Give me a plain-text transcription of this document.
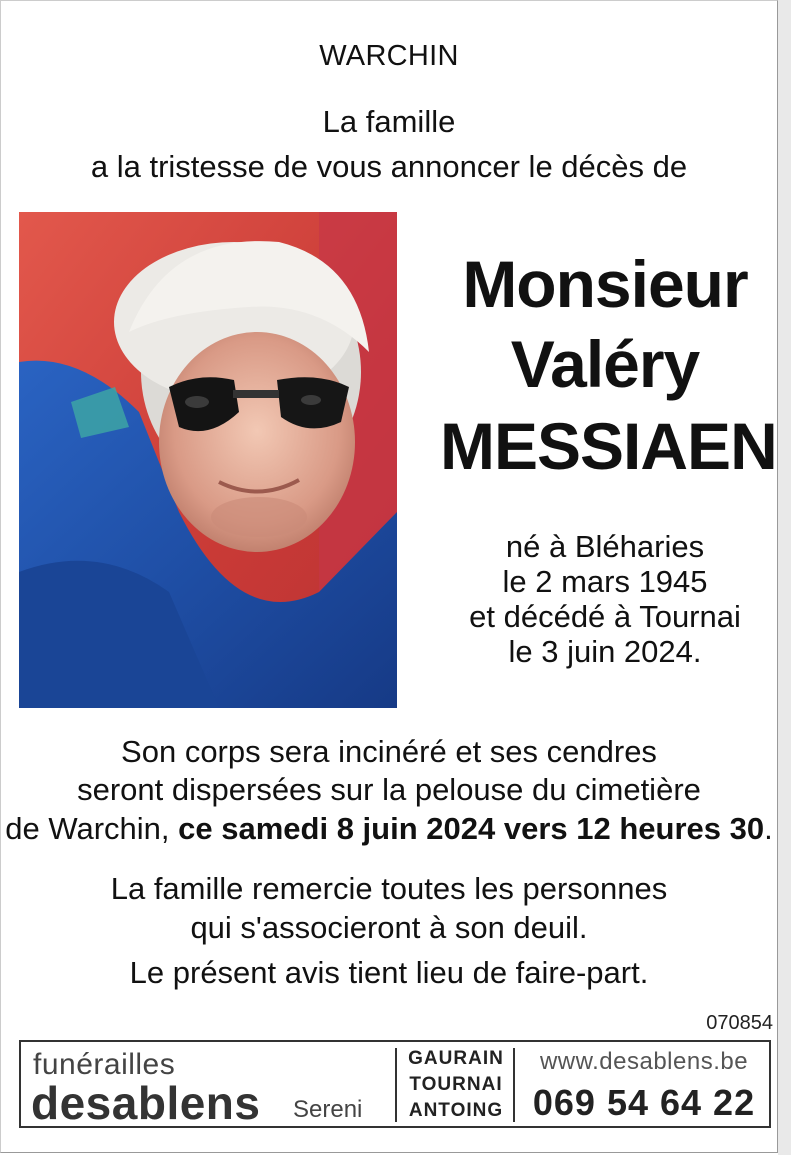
WARCHIN
La famille
a la tristesse de vous annoncer le décès de
Monsieur
Valéry
MESSIAEN
né à Bléharies
le 2 mars 1945
et décédé à Tournai
le 3 juin 2024.
Son corps sera incinéré et ses cendres
seront dispersées sur la pelouse du cimetière
de Warchin, ce samedi 8 juin 2024 vers 12 heures 30.
La famille remercie toutes les personnes
qui s'associeront à son deuil.
Le présent avis tient lieu de faire-part.
070854
funérailles
desablens Sereni
GAURAIN
TOURNAI
ANTOING
www.desablens.be
069 54 64 22
